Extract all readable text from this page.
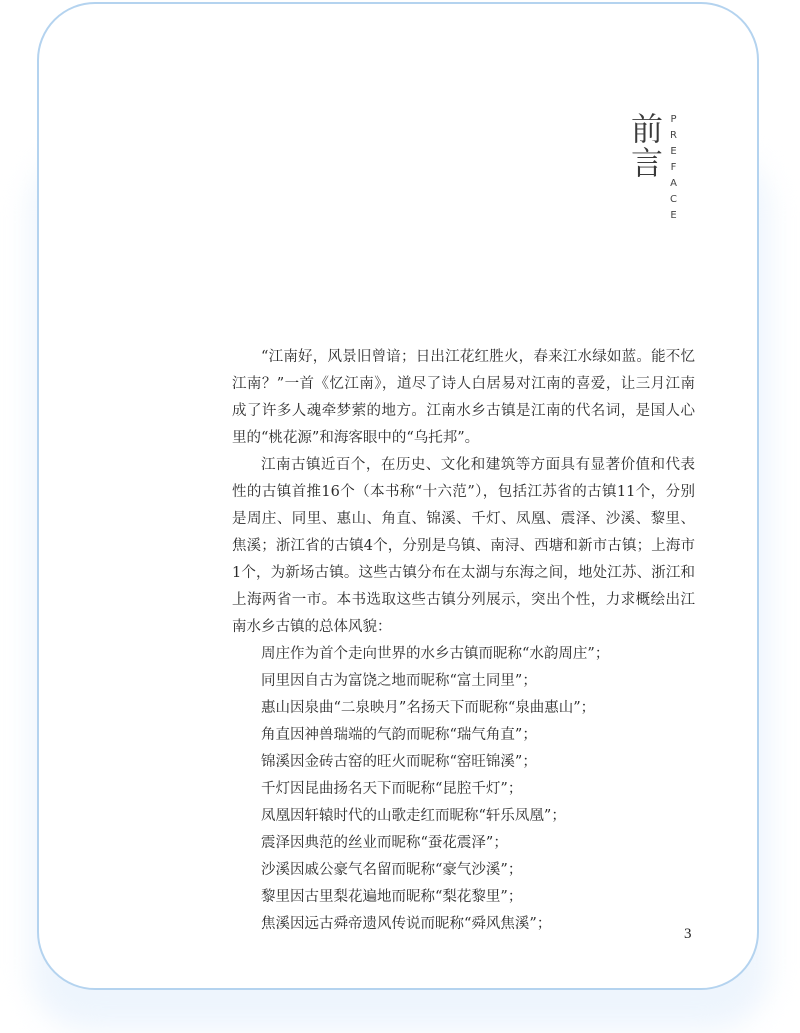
前言 PREFACE

“江南好，风景旧曾谙；日出江花红胜火，春来江水绿如蓝。能不忆江南？”一首《忆江南》，道尽了诗人白居易对江南的喜爱，让三月江南成了许多人魂牵梦萦的地方。江南水乡古镇是江南的代名词，是国人心里的“桃花源”和海客眼中的“乌托邦”。

江南古镇近百个，在历史、文化和建筑等方面具有显著价值和代表性的古镇首推16个（本书称“十六范”），包括江苏省的古镇11个，分别是周庄、同里、惠山、角直、锦溪、千灯、凤凰、震泽、沙溪、黎里、焦溪；浙江省的古镇4个，分别是乌镇、南浔、西塘和新市古镇；上海市1个，为新场古镇。这些古镇分布在太湖与东海之间，地处江苏、浙江和上海两省一市。本书选取这些古镇分列展示，突出个性，力求概绘出江南水乡古镇的总体风貌：

周庄作为首个走向世界的水乡古镇而昵称“水韵周庄”；

同里因自古为富饶之地而昵称“富土同里”；

惠山因泉曲“二泉映月”名扬天下而昵称“泉曲惠山”；

角直因神兽瑞端的气韵而昵称“瑞气角直”；

锦溪因金砖古窑的旺火而昵称“窑旺锦溪”；

千灯因昆曲扬名天下而昵称“昆腔千灯”；

凤凰因轩辕时代的山歌走红而昵称“轩乐凤凰”；

震泽因典范的丝业而昵称“蚕花震泽”；

沙溪因戚公豪气名留而昵称“豪气沙溪”；

黎里因古里梨花遍地而昵称“梨花黎里”；

焦溪因远古舜帝遗风传说而昵称“舜风焦溪”；

3
